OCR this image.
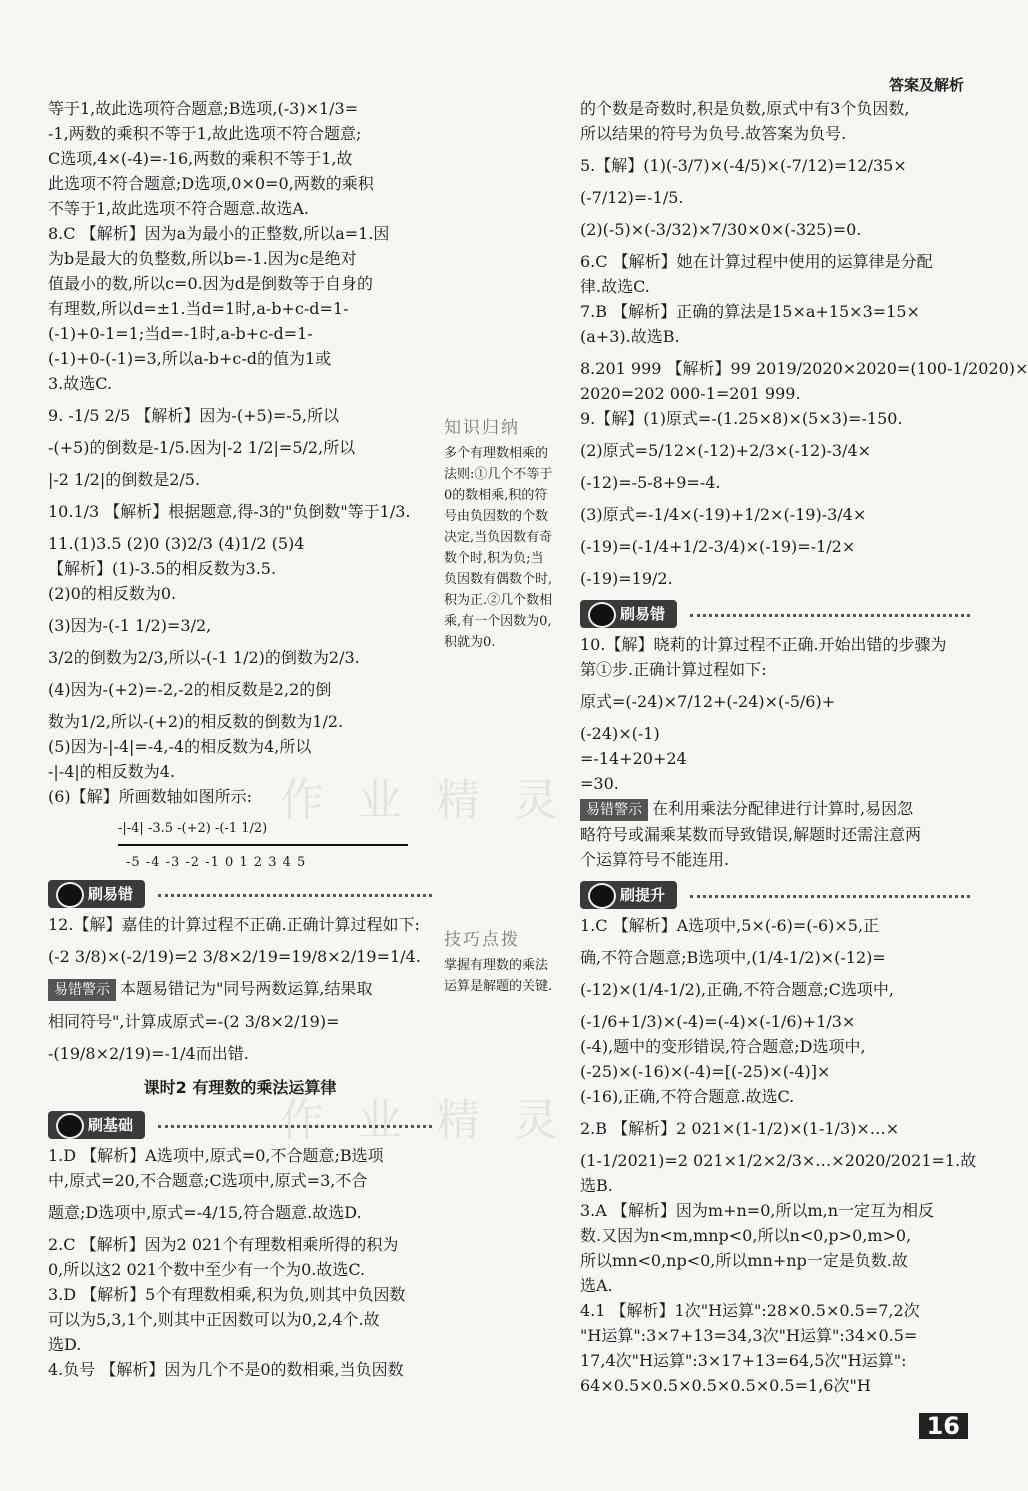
答案及解析
等于1,故此选项符合题意;B选项,(-3)×1/3=
-1,两数的乘积不等于1,故此选项不符合题意;
C选项,4×(-4)=-16,两数的乘积不等于1,故
此选项不符合题意;D选项,0×0=0,两数的乘积
不等于1,故此选项不符合题意.故选A.
8.C 【解析】因为a为最小的正整数,所以a=1.因
为b是最大的负整数,所以b=-1.因为c是绝对
值最小的数,所以c=0.因为d是倒数等于自身的
有理数,所以d=±1.当d=1时,a-b+c-d=1-
(-1)+0-1=1;当d=-1时,a-b+c-d=1-
(-1)+0-(-1)=3,所以a-b+c-d的值为1或
3.故选C.
9. -1/5 2/5 【解析】因为-(+5)=-5,所以
-(+5)的倒数是-1/5.因为|-2 1/2|=5/2,所以
|-2 1/2|的倒数是2/5.
10.1/3 【解析】根据题意,得-3的"负倒数"等于1/3.
11.(1)3.5 (2)0 (3)2/3 (4)1/2 (5)4
【解析】(1)-3.5的相反数为3.5.
(2)0的相反数为0.
(3)因为-(-1 1/2)=3/2,
3/2的倒数为2/3,所以-(-1 1/2)的倒数为2/3.
(4)因为-(+2)=-2,-2的相反数是2,2的倒
数为1/2,所以-(+2)的相反数的倒数为1/2.
(5)因为-|-4|=-4,-4的相反数为4,所以
-|-4|的相反数为4.
(6)【解】所画数轴如图所示:
-|-4| -3.5 -(+2) -(-1 1/2)
-5 -4 -3 -2 -1 0 1 2 3 4 5
刷易错
12.【解】嘉佳的计算过程不正确.正确计算过程如下:
(-2 3/8)×(-2/19)=2 3/8×2/19=19/8×2/19=1/4.
易错警示 本题易错记为"同号两数运算,结果取
相同符号",计算成原式=-(2 3/8×2/19)=
-(19/8×2/19)=-1/4而出错.
课时2 有理数的乘法运算律
刷基础
1.D 【解析】A选项中,原式=0,不合题意;B选项
中,原式=20,不合题意;C选项中,原式=3,不合
题意;D选项中,原式=-4/15,符合题意.故选D.
2.C 【解析】因为2 021个有理数相乘所得的积为
0,所以这2 021个数中至少有一个为0.故选C.
3.D 【解析】5个有理数相乘,积为负,则其中负因数
可以为5,3,1个,则其中正因数可以为0,2,4个.故
选D.
4.负号 【解析】因为几个不是0的数相乘,当负因数
知识归纳
多个有理数相乘的法则:①几个不等于0的数相乘,积的符号由负因数的个数决定,当负因数有奇数个时,积为负;当负因数有偶数个时,积为正.②几个数相乘,有一个因数为0,积就为0.
技巧点拨
掌握有理数的乘法运算是解题的关键.
的个数是奇数时,积是负数,原式中有3个负因数,
所以结果的符号为负号.故答案为负号.
5.【解】(1)(-3/7)×(-4/5)×(-7/12)=12/35×
(-7/12)=-1/5.
(2)(-5)×(-3/32)×7/30×0×(-325)=0.
6.C 【解析】她在计算过程中使用的运算律是分配
律.故选C.
7.B 【解析】正确的算法是15×a+15×3=15×
(a+3).故选B.
8.201 999 【解析】99 2019/2020×2020=(100-1/2020)×
2020=202 000-1=201 999.
9.【解】(1)原式=-(1.25×8)×(5×3)=-150.
(2)原式=5/12×(-12)+2/3×(-12)-3/4×
(-12)=-5-8+9=-4.
(3)原式=-1/4×(-19)+1/2×(-19)-3/4×
(-19)=(-1/4+1/2-3/4)×(-19)=-1/2×
(-19)=19/2.
刷易错
10.【解】晓莉的计算过程不正确.开始出错的步骤为
第①步.正确计算过程如下:
原式=(-24)×7/12+(-24)×(-5/6)+
(-24)×(-1)
=-14+20+24
=30.
易错警示 在利用乘法分配律进行计算时,易因忽
略符号或漏乘某数而导致错误,解题时还需注意两
个运算符号不能连用.
刷提升
1.C 【解析】A选项中,5×(-6)=(-6)×5,正
确,不符合题意;B选项中,(1/4-1/2)×(-12)=
(-12)×(1/4-1/2),正确,不符合题意;C选项中,
(-1/6+1/3)×(-4)=(-4)×(-1/6)+1/3×
(-4),题中的变形错误,符合题意;D选项中,
(-25)×(-16)×(-4)=[(-25)×(-4)]×
(-16),正确,不符合题意.故选C.
2.B 【解析】2 021×(1-1/2)×(1-1/3)×…×
(1-1/2021)=2 021×1/2×2/3×…×2020/2021=1.故
选B.
3.A 【解析】因为m+n=0,所以m,n一定互为相反
数.又因为n<m,mnp<0,所以n<0,p>0,m>0,
所以mn<0,np<0,所以mn+np一定是负数.故
选A.
4.1 【解析】1次"H运算":28×0.5×0.5=7,2次
"H运算":3×7+13=34,3次"H运算":34×0.5=
17,4次"H运算":3×17+13=64,5次"H运算":
64×0.5×0.5×0.5×0.5×0.5=1,6次"H
作 业 精 灵
作 业 精 灵
16
